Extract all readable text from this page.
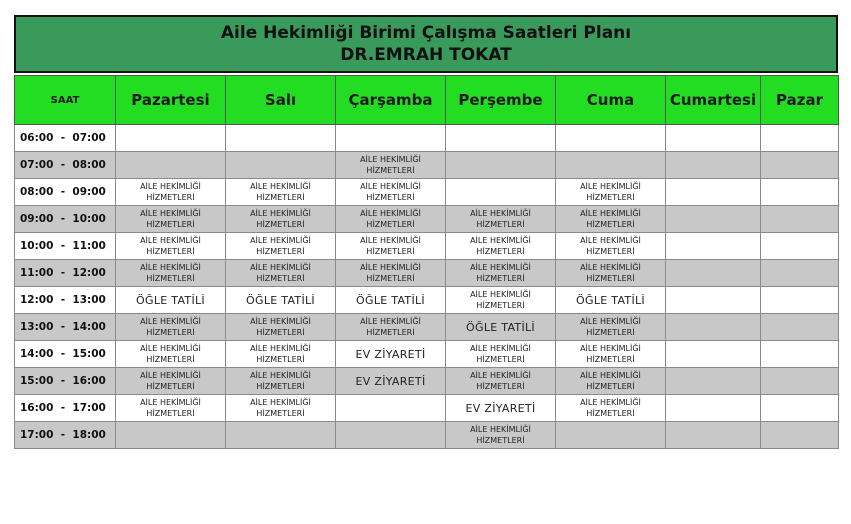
Aile Hekimliği Birimi Çalışma Saatleri Planı
DR.EMRAH TOKAT
SAAT	Pazartesi	Salı	Çarşamba	Perşembe	Cuma	Cumartesi	Pazar
06:00  -  07:00	

07:00  -  08:00			AİLE HEKİMLİĞİ
HİZMETLERİ				

08:00  -  09:00	AİLE HEKİMLİĞİ
HİZMETLERİ	AİLE HEKİMLİĞİ
HİZMETLERİ	AİLE HEKİMLİĞİ
HİZMETLERİ		AİLE HEKİMLİĞİ
HİZMETLERİ		

09:00  -  10:00	AİLE HEKİMLİĞİ
HİZMETLERİ	AİLE HEKİMLİĞİ
HİZMETLERİ	AİLE HEKİMLİĞİ
HİZMETLERİ	AİLE HEKİMLİĞİ
HİZMETLERİ	AİLE HEKİMLİĞİ
HİZMETLERİ		

10:00  -  11:00	AİLE HEKİMLİĞİ
HİZMETLERİ	AİLE HEKİMLİĞİ
HİZMETLERİ	AİLE HEKİMLİĞİ
HİZMETLERİ	AİLE HEKİMLİĞİ
HİZMETLERİ	AİLE HEKİMLİĞİ
HİZMETLERİ		

11:00  -  12:00	AİLE HEKİMLİĞİ
HİZMETLERİ	AİLE HEKİMLİĞİ
HİZMETLERİ	AİLE HEKİMLİĞİ
HİZMETLERİ	AİLE HEKİMLİĞİ
HİZMETLERİ	AİLE HEKİMLİĞİ
HİZMETLERİ		

12:00  -  13:00	ÖĞLE TATİLİ	ÖĞLE TATİLİ	ÖĞLE TATİLİ	AİLE HEKİMLİĞİ
HİZMETLERİ	ÖĞLE TATİLİ		

13:00  -  14:00	AİLE HEKİMLİĞİ
HİZMETLERİ	AİLE HEKİMLİĞİ
HİZMETLERİ	AİLE HEKİMLİĞİ
HİZMETLERİ	ÖĞLE TATİLİ	AİLE HEKİMLİĞİ
HİZMETLERİ		

14:00  -  15:00	AİLE HEKİMLİĞİ
HİZMETLERİ	AİLE HEKİMLİĞİ
HİZMETLERİ	EV ZİYARETİ	AİLE HEKİMLİĞİ
HİZMETLERİ	AİLE HEKİMLİĞİ
HİZMETLERİ		

15:00  -  16:00	AİLE HEKİMLİĞİ
HİZMETLERİ	AİLE HEKİMLİĞİ
HİZMETLERİ	EV ZİYARETİ	AİLE HEKİMLİĞİ
HİZMETLERİ	AİLE HEKİMLİĞİ
HİZMETLERİ		

16:00  -  17:00	AİLE HEKİMLİĞİ
HİZMETLERİ	AİLE HEKİMLİĞİ
HİZMETLERİ		EV ZİYARETİ	AİLE HEKİMLİĞİ
HİZMETLERİ		

17:00  -  18:00				AİLE HEKİMLİĞİ
HİZMETLERİ			
